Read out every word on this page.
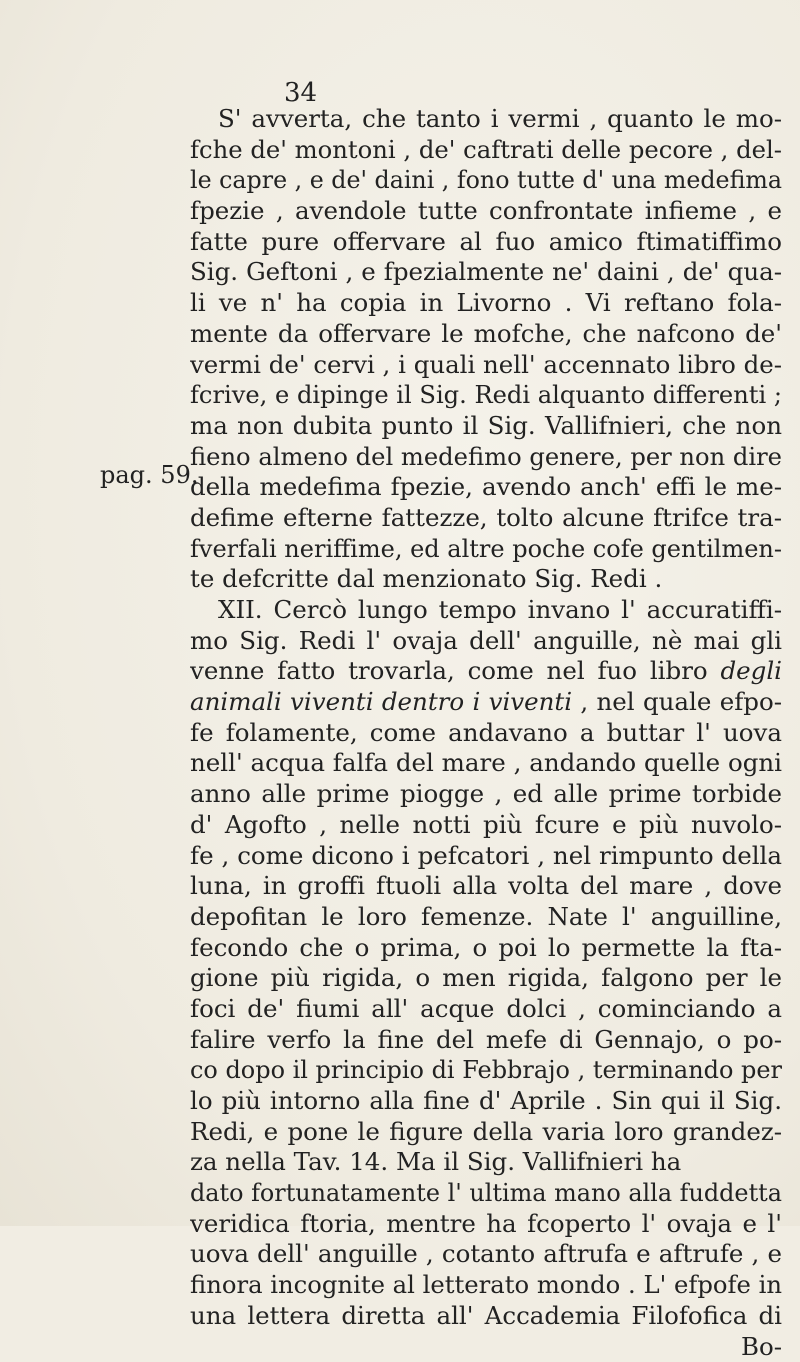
34
pag. 59.
S' avverta, che tanto i vermi , quanto le mo-
fche de' montoni , de' caftrati delle pecore , del-
le capre , e de' daini , fono tutte d' una medefima
fpezie , avendole tutte confrontate infieme , e
fatte pure offervare al fuo amico ftimatiffimo
Sig. Geftoni , e fpezialmente ne' daini , de' qua-
li ve n' ha copia in Livorno . Vi reftano fola-
mente da offervare le mofche, che nafcono de'
vermi de' cervi , i quali nell' accennato libro de-
fcrive, e dipinge il Sig. Redi alquanto differenti ;
ma non dubita punto il Sig. Vallifnieri, che non
fieno almeno del medefimo genere, per non dire
della medefima fpezie, avendo anch' effi le me-
defime efterne fattezze, tolto alcune ftrifce tra-
fverfali neriffime, ed altre poche cofe gentilmen-
te defcritte dal menzionato Sig. Redi .
XII. Cercò lungo tempo invano l' accuratiffi-
mo Sig. Redi l' ovaja dell' anguille, nè mai gli
venne fatto trovarla, come nel fuo libro degli
animali viventi dentro i viventi , nel quale efpo-
fe folamente, come andavano a buttar l' uova
nell' acqua falfa del mare , andando quelle ogni
anno alle prime piogge , ed alle prime torbide
d' Agofto , nelle notti più fcure e più nuvolo-
fe , come dicono i pefcatori , nel rimpunto della
luna, in groffi ftuoli alla volta del mare , dove
depofitan le loro femenze. Nate l' anguilline,
fecondo che o prima, o poi lo permette la fta-
gione più rigida, o men rigida, falgono per le
foci de' fiumi all' acque dolci , cominciando a
falire verfo la fine del mefe di Gennajo, o po-
co dopo il principio di Febbrajo , terminando per
lo più intorno alla fine d' Aprile . Sin qui il Sig.
Redi, e pone le figure della varia loro grandez-
za nella Tav. 14. Ma il Sig. Vallifnieri ha
dato fortunatamente l' ultima mano alla fuddetta
veridica ftoria, mentre ha fcoperto l' ovaja e l'
uova dell' anguille , cotanto aftrufa e aftrufe , e
finora incognite al letterato mondo . L' efpofe in
una lettera diretta all' Accademia Filofofica di
Bo-
